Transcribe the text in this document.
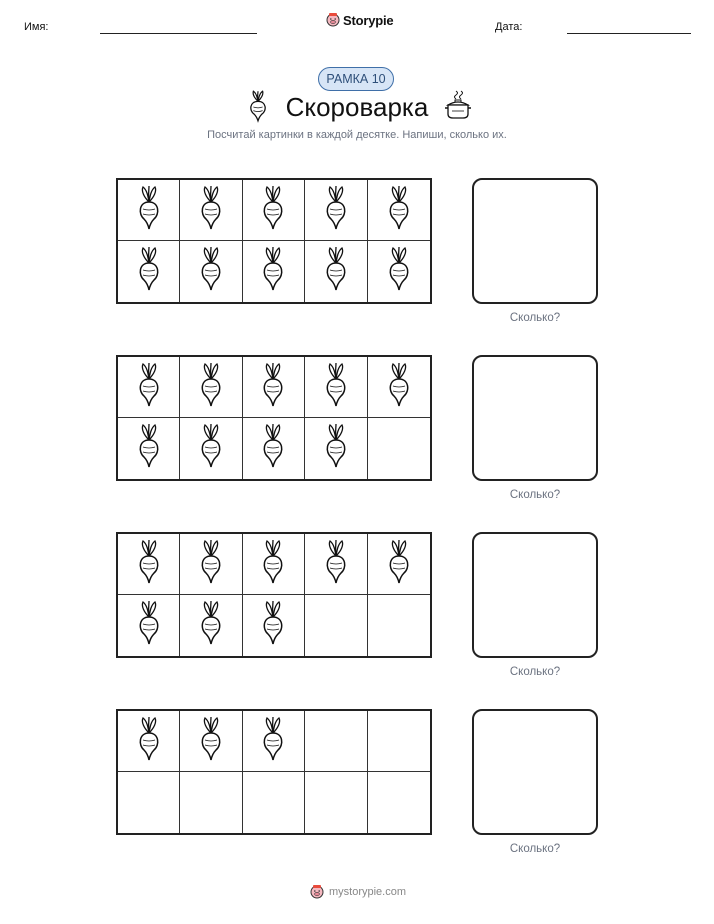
Имя:	Storypie	Дата:
РАМКА 10
Скороварка
Посчитай картинки в каждой десятке. Напиши, сколько их.
Сколько?
Сколько?
Сколько?
Сколько?
mystorypie.com
